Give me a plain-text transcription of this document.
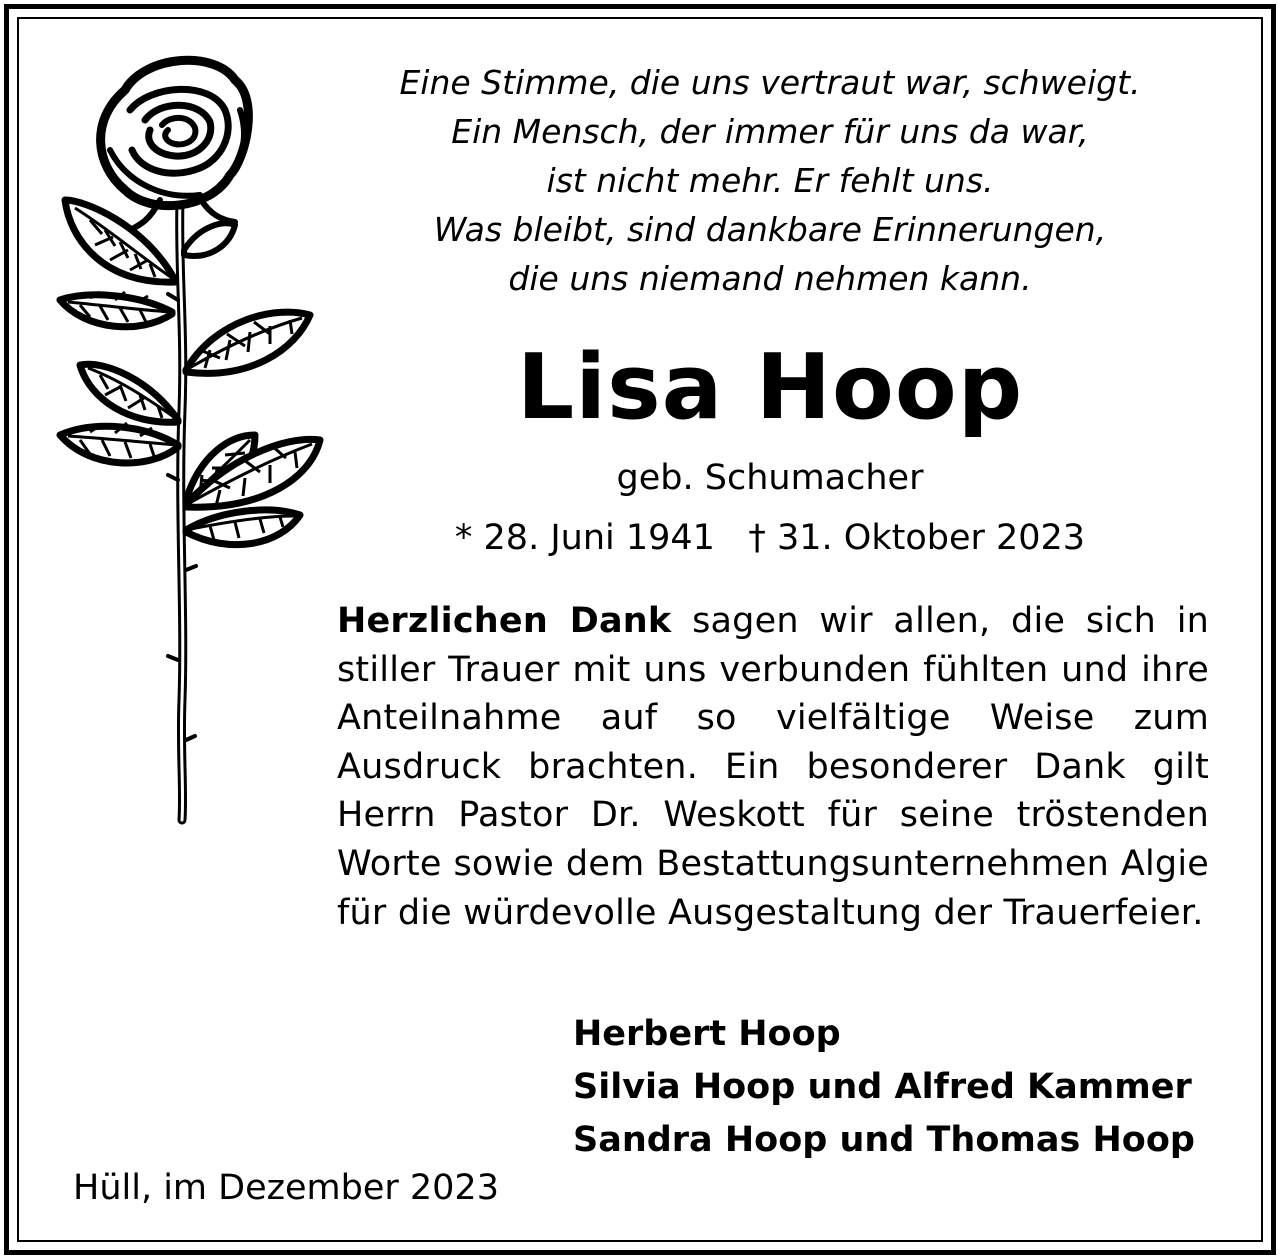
Eine Stimme, die uns vertraut war, schweigt.
Ein Mensch, der immer für uns da war,
ist nicht mehr. Er fehlt uns.
Was bleibt, sind dankbare Erinnerungen,
die uns niemand nehmen kann.
Lisa Hoop
geb. Schumacher
* 28. Juni 1941 † 31. Oktober 2023
Herzlichen Dank sagen wir allen, die sich in stiller Trauer mit uns verbunden fühlten und ihre Anteilnahme auf so vielfältige Weise zum Ausdruck brachten. Ein besonderer Dank gilt Herrn Pastor Dr. Weskott für seine tröstenden Worte sowie dem Bestattungsunternehmen Algie für die würdevolle Ausgestaltung der Trauerfeier.
Herbert Hoop
Silvia Hoop und Alfred Kammer
Sandra Hoop und Thomas Hoop
Hüll, im Dezember 2023
